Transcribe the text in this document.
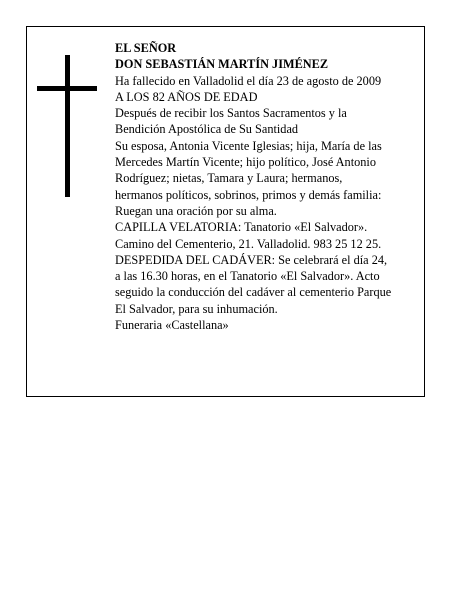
EL SEÑOR
DON SEBASTIÁN MARTÍN JIMÉNEZ
Ha fallecido en Valladolid el día 23 de agosto de 2009
A LOS 82 AÑOS DE EDAD
Después de recibir los Santos Sacramentos y la
Bendición Apostólica de Su Santidad
Su esposa, Antonia Vicente Iglesias; hija, María de las
Mercedes Martín Vicente; hijo político, José Antonio
Rodríguez; nietas, Tamara y Laura; hermanos,
hermanos políticos, sobrinos, primos y demás familia:
Ruegan una oración por su alma.
CAPILLA VELATORIA: Tanatorio «El Salvador».
Camino del Cementerio, 21. Valladolid. 983 25 12 25.
DESPEDIDA DEL CADÁVER: Se celebrará el día 24,
a las 16.30 horas, en el Tanatorio «El Salvador». Acto
seguido la conducción del cadáver al cementerio Parque
El Salvador, para su inhumación.
Funeraria «Castellana»
